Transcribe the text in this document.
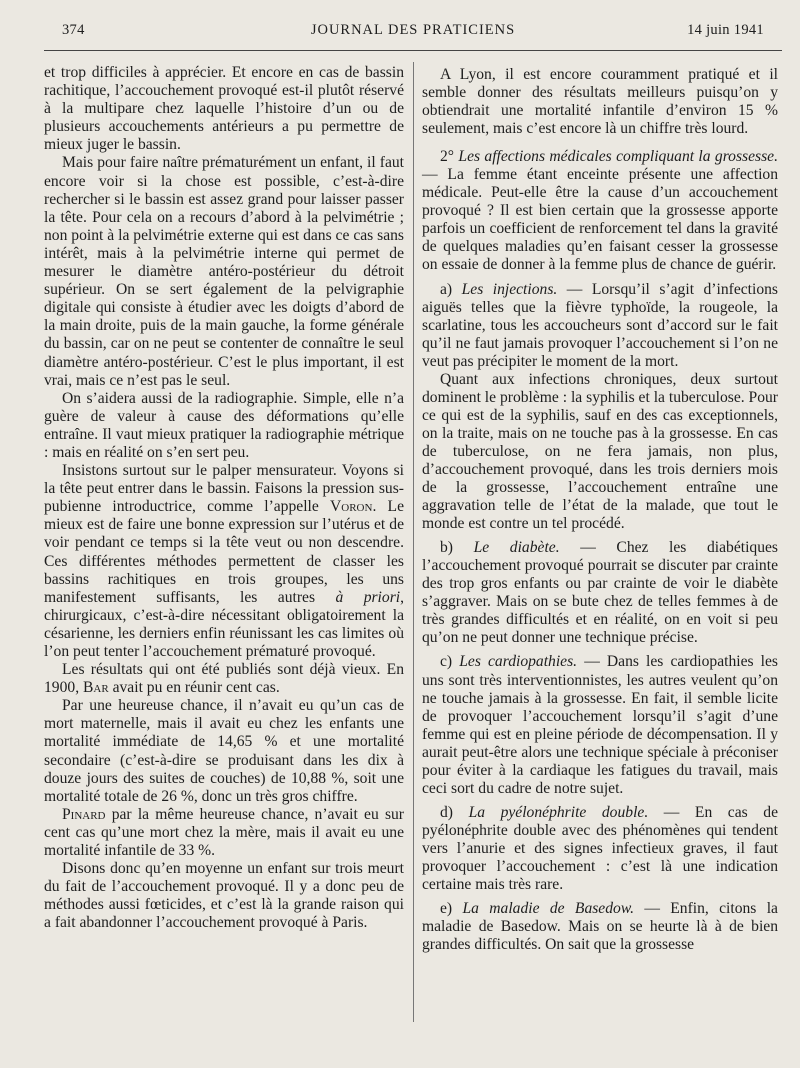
374	JOURNAL DES PRATICIENS	14 juin 1941

et trop difficiles à apprécier. Et encore en cas de bassin rachitique, l’accouchement provoqué est-il plutôt réservé à la multipare chez laquelle l’histoire d’un ou de plusieurs accouchements antérieurs a pu permettre de mieux juger le bassin.

Mais pour faire naître prématurément un enfant, il faut encore voir si la chose est possible, c’est-à-dire rechercher si le bassin est assez grand pour laisser passer la tête. Pour cela on a recours d’abord à la pelvimétrie ; non point à la pelvimétrie externe qui est dans ce cas sans intérêt, mais à la pelvimétrie interne qui permet de mesurer le diamètre antéro-postérieur du détroit supérieur. On se sert également de la pelvigraphie digitale qui consiste à étudier avec les doigts d’abord de la main droite, puis de la main gauche, la forme générale du bassin, car on ne peut se contenter de connaître le seul diamètre antéro-postérieur. C’est le plus important, il est vrai, mais ce n’est pas le seul.

On s’aidera aussi de la radiographie. Simple, elle n’a guère de valeur à cause des déformations qu’elle entraîne. Il vaut mieux pratiquer la radiographie métrique : mais en réalité on s’en sert peu.

Insistons surtout sur le palper mensurateur. Voyons si la tête peut entrer dans le bassin. Faisons la pression sus-pubienne introductrice, comme l’appelle Voron. Le mieux est de faire une bonne expression sur l’utérus et de voir pendant ce temps si la tête veut ou non descendre. Ces différentes méthodes permettent de classer les bassins rachitiques en trois groupes, les uns manifestement suffisants, les autres à priori, chirurgicaux, c’est-à-dire nécessitant obligatoirement la césarienne, les derniers enfin réunissant les cas limites où l’on peut tenter l’accouchement prématuré provoqué.

Les résultats qui ont été publiés sont déjà vieux. En 1900, Bar avait pu en réunir cent cas.

Par une heureuse chance, il n’avait eu qu’un cas de mort maternelle, mais il avait eu chez les enfants une mortalité immédiate de 14,65 % et une mortalité secondaire (c’est-à-dire se produisant dans les dix à douze jours des suites de couches) de 10,88 %, soit une mortalité totale de 26 %, donc un très gros chiffre.

Pinard par la même heureuse chance, n’avait eu sur cent cas qu’une mort chez la mère, mais il avait eu une mortalité infantile de 33 %.

Disons donc qu’en moyenne un enfant sur trois meurt du fait de l’accouchement provoqué. Il y a donc peu de méthodes aussi fœticides, et c’est là la grande raison qui a fait abandonner l’accouchement provoqué à Paris.

A Lyon, il est encore couramment pratiqué et il semble donner des résultats meilleurs puisqu’on y obtiendrait une mortalité infantile d’environ 15 % seulement, mais c’est encore là un chiffre très lourd.

2° Les affections médicales compliquant la grossesse. — La femme étant enceinte présente une affection médicale. Peut-elle être la cause d’un accouchement provoqué ? Il est bien certain que la grossesse apporte parfois un coefficient de renforcement tel dans la gravité de quelques maladies qu’en faisant cesser la grossesse on essaie de donner à la femme plus de chance de guérir.

a) Les injections. — Lorsqu’il s’agit d’infections aiguës telles que la fièvre typhoïde, la rougeole, la scarlatine, tous les accoucheurs sont d’accord sur le fait qu’il ne faut jamais provoquer l’accouchement si l’on ne veut pas précipiter le moment de la mort.

Quant aux infections chroniques, deux surtout dominent le problème : la syphilis et la tuberculose. Pour ce qui est de la syphilis, sauf en des cas exceptionnels, on la traite, mais on ne touche pas à la grossesse. En cas de tuberculose, on ne fera jamais, non plus, d’accouchement provoqué, dans les trois derniers mois de la grossesse, l’accouchement entraîne une aggravation telle de l’état de la malade, que tout le monde est contre un tel procédé.

b) Le diabète. — Chez les diabétiques l’accouchement provoqué pourrait se discuter par crainte des trop gros enfants ou par crainte de voir le diabète s’aggraver. Mais on se bute chez de telles femmes à de très grandes difficultés et en réalité, on en voit si peu qu’on ne peut donner une technique précise.

c) Les cardiopathies. — Dans les cardiopathies les uns sont très interventionnistes, les autres veulent qu’on ne touche jamais à la grossesse. En fait, il semble licite de provoquer l’accouchement lorsqu’il s’agit d’une femme qui est en pleine période de décompensation. Il y aurait peut-être alors une technique spéciale à préconiser pour éviter à la cardiaque les fatigues du travail, mais ceci sort du cadre de notre sujet.

d) La pyélonéphrite double. — En cas de pyélonéphrite double avec des phénomènes qui tendent vers l’anurie et des signes infectieux graves, il faut provoquer l’accouchement : c’est là une indication certaine mais très rare.

e) La maladie de Basedow. — Enfin, citons la maladie de Basedow. Mais on se heurte là à de bien grandes difficultés. On sait que la grossesse
